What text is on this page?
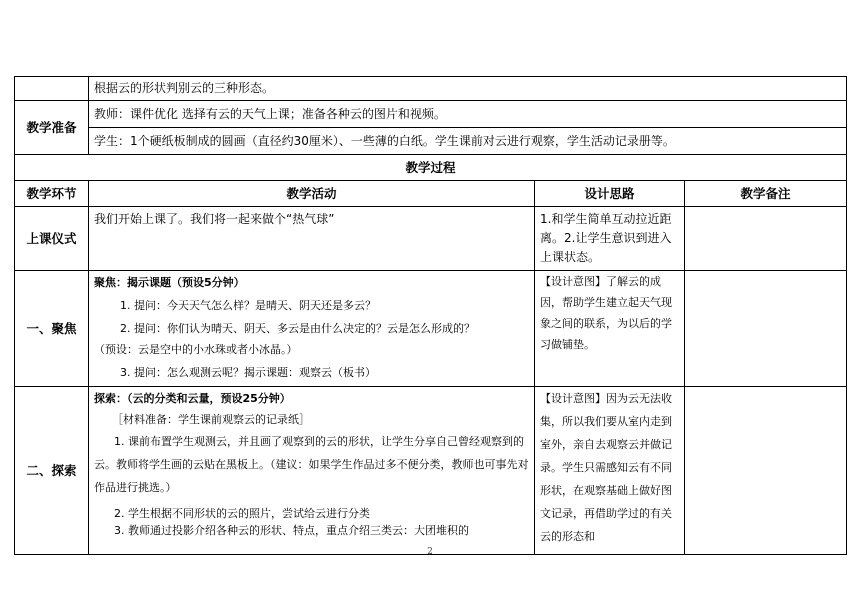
	根据云的形状判别云的三种形态。		
教学准备	教师：课件优化 选择有云的天气上课；准备各种云的图片和视频。		
	学生：1个硬纸板制成的圆画（直径约30厘米）、一些薄的白纸。学生课前对云进行观察，学生活动记录册等。		
教学过程			
教学环节	教学活动	设计思路	教学备注
上课仪式	我们开始上课了。我们将一起来做个“热气球”	1.和学生简单互动拉近距离。2.让学生意识到进入上课状态。	
一、聚焦	聚焦：揭示课题（预设5分钟）

1. 提问：今天天气怎么样？是晴天、阴天还是多云？

2. 提问：你们认为晴天、阴天、多云是由什么决定的？云是怎么形成的？

（预设：云是空中的小水珠或者小冰晶。）

3. 提问：怎么观测云呢？揭示课题：观察云（板书）	【设计意图】了解云的成因，帮助学生建立起天气现象之间的联系，为以后的学习做铺垫。	
二、探索	探索：（云的分类和云量，预设25分钟）

［材料准备：学生课前观察云的记录纸］

1. 课前布置学生观测云，并且画了观察到的云的形状，让学生分享自己曾经观察到的云。教师将学生画的云贴在黑板上。（建议：如果学生作品过多不便分类，教师也可事先对作品进行挑选。）

2. 学生根据不同形状的云的照片，尝试给云进行分类

3. 教师通过投影介绍各种云的形状、特点，重点介绍三类云：大团堆积的	【设计意图】因为云无法收集，所以我们要从室内走到室外，亲自去观察云并做记录。学生只需感知云有不同形状，在观察基础上做好图文记录，再借助学过的有关云的形态和	
2
